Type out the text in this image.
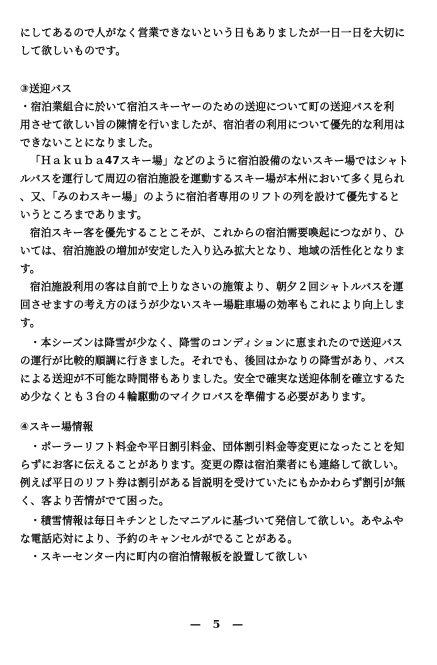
にしてあるので人がなく営業できないという日もありましたが一日一日を大切に
して欲しいものです。
③送迎バス
・宿泊業組合に於いて宿泊スキーヤーのための送迎について町の送迎バスを利
用させて欲しい旨の陳情を行いましたが、宿泊者の利用について優先的な利用は
できないことになりました。
「Ｈａｋｕｂａ47スキー場」などのように宿泊設備のないスキー場ではシャト
ルバスを運行して周辺の宿泊施設を運動するスキー場が本州において多く見られ
、又、「みのわスキー場」のように宿泊者専用のリフトの列を設けて優先すると
いうところまであります。
宿泊スキー客を優先することこそが、これからの宿泊需要喚起につながり、ひ
いては、宿泊施設の増加が安定した入り込み拡大となり、地域の活性化となりま
す。
宿泊施設利用の客は自前で上りなさいの施策より、朝夕２回シャトルバスを運
回させますの考え方のほうが少ないスキー場駐車場の効率もこれにより向上しま
す。
・本シーズンは降雪が少なく、降雪のコンディションに恵まれたので送迎バス
の運行が比較的順調に行きました。それでも、後回はかなりの降雪があり、バス
による送迎が不可能な時間帯もありました。安全で確実な送迎体制を確立するた
め少なくとも３台の４輪駆動のマイクロバスを準備する必要があります。
④スキー場情報
・ポーラーリフト料金や平日割引料金、団体割引料金等変更になったことを知
らずにお客に伝えることがあります。変更の際は宿泊業者にも連絡して欲しい。
例えば平日のリフト券は割引がある旨説明を受けていたにもかかわらず割引が無
く、客より苦情がでて困った。
・積雪情報は毎日キチンとしたマニアルに基づいて発信して欲しい。あやふや
な電話応対により、予約のキャンセルがでることがある。
・スキーセンター内に町内の宿泊情報板を設置して欲しい
— 5 —
